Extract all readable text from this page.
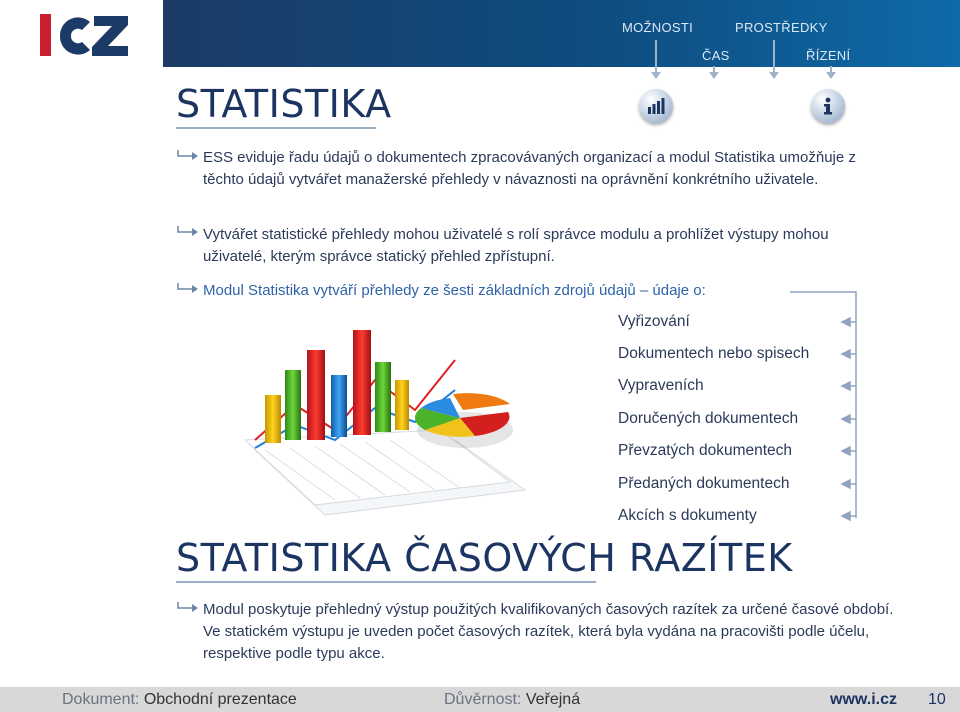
MOŽNOSTI
ČAS
PROSTŘEDKY
ŘÍZENÍ
STATISTIKA
ESS eviduje řadu údajů o dokumentech zpracovávaných organizací a modul Statistika umožňuje z těchto údajů vytvářet manažerské přehledy v návaznosti na oprávnění konkrétního uživatele.
Vytvářet statistické přehledy mohou uživatelé s rolí správce modulu a prohlížet výstupy mohou uživatelé, kterým správce statický přehled zpřístupní.
Modul Statistika vytváří přehledy ze šesti základních zdrojů údajů – údaje o:
Vyřizování
Dokumentech nebo spisech
Vypraveních
Doručených dokumentech
Převzatých dokumentech
Předaných dokumentech
Akcích s dokumenty
STATISTIKA ČASOVÝCH RAZÍTEK
Modul poskytuje přehledný výstup použitých kvalifikovaných časových razítek za určené časové období. Ve statickém výstupu je uveden počet časových razítek, která byla vydána na pracovišti podle účelu, respektive podle typu akce.
Dokument: Obchodní prezentace	Důvěrnost: Veřejná	www.i.cz 10
